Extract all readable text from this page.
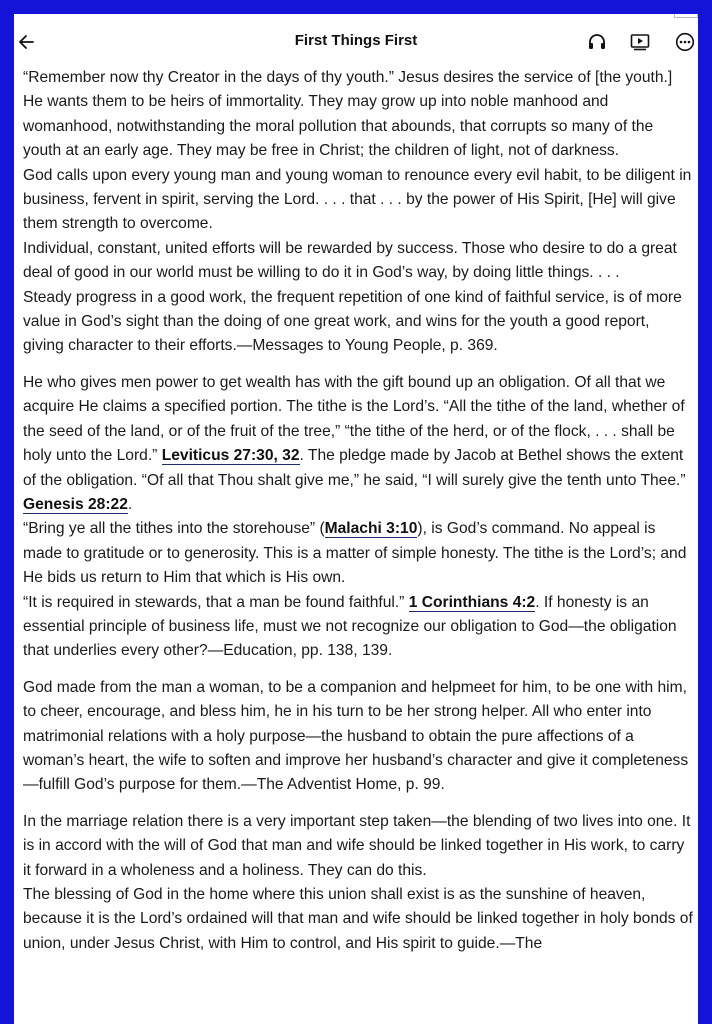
First Things First

“Remember now thy Creator in the days of thy youth.” Jesus desires the service of [the youth.] He wants them to be heirs of immortality. They may grow up into noble manhood and womanhood, notwithstanding the moral pollution that abounds, that corrupts so many of the youth at an early age. They may be free in Christ; the children of light, not of darkness.

God calls upon every young man and young woman to renounce every evil habit, to be diligent in business, fervent in spirit, serving the Lord. . . . that . . . by the power of His Spirit, [He] will give them strength to overcome.

Individual, constant, united efforts will be rewarded by success. Those who desire to do a great deal of good in our world must be willing to do it in God’s way, by doing little things. . . .

Steady progress in a good work, the frequent repetition of one kind of faithful service, is of more value in God’s sight than the doing of one great work, and wins for the youth a good report, giving character to their efforts.—Messages to Young People, p. 369.

He who gives men power to get wealth has with the gift bound up an obligation. Of all that we acquire He claims a specified portion. The tithe is the Lord’s. “All the tithe of the land, whether of the seed of the land, or of the fruit of the tree,” “the tithe of the herd, or of the flock, . . . shall be holy unto the Lord.” Leviticus 27:30, 32. The pledge made by Jacob at Bethel shows the extent of the obligation. “Of all that Thou shalt give me,” he said, “I will surely give the tenth unto Thee.” Genesis 28:22.

“Bring ye all the tithes into the storehouse” (Malachi 3:10), is God’s command. No appeal is made to gratitude or to generosity. This is a matter of simple honesty. The tithe is the Lord’s; and He bids us return to Him that which is His own.

“It is required in stewards, that a man be found faithful.” 1 Corinthians 4:2. If honesty is an essential principle of business life, must we not recognize our obligation to God—the obligation that underlies every other?—Education, pp. 138, 139.

God made from the man a woman, to be a companion and helpmeet for him, to be one with him, to cheer, encourage, and bless him, he in his turn to be her strong helper. All who enter into matrimonial relations with a holy purpose—the husband to obtain the pure affections of a woman’s heart, the wife to soften and improve her husband’s character and give it completeness—fulfill God’s purpose for them.—The Adventist Home, p. 99.

In the marriage relation there is a very important step taken—the blending of two lives into one. It is in accord with the will of God that man and wife should be linked together in His work, to carry it forward in a wholeness and a holiness. They can do this.

The blessing of God in the home where this union shall exist is as the sunshine of heaven, because it is the Lord’s ordained will that man and wife should be linked together in holy bonds of union, under Jesus Christ, with Him to control, and His spirit to guide.—The
